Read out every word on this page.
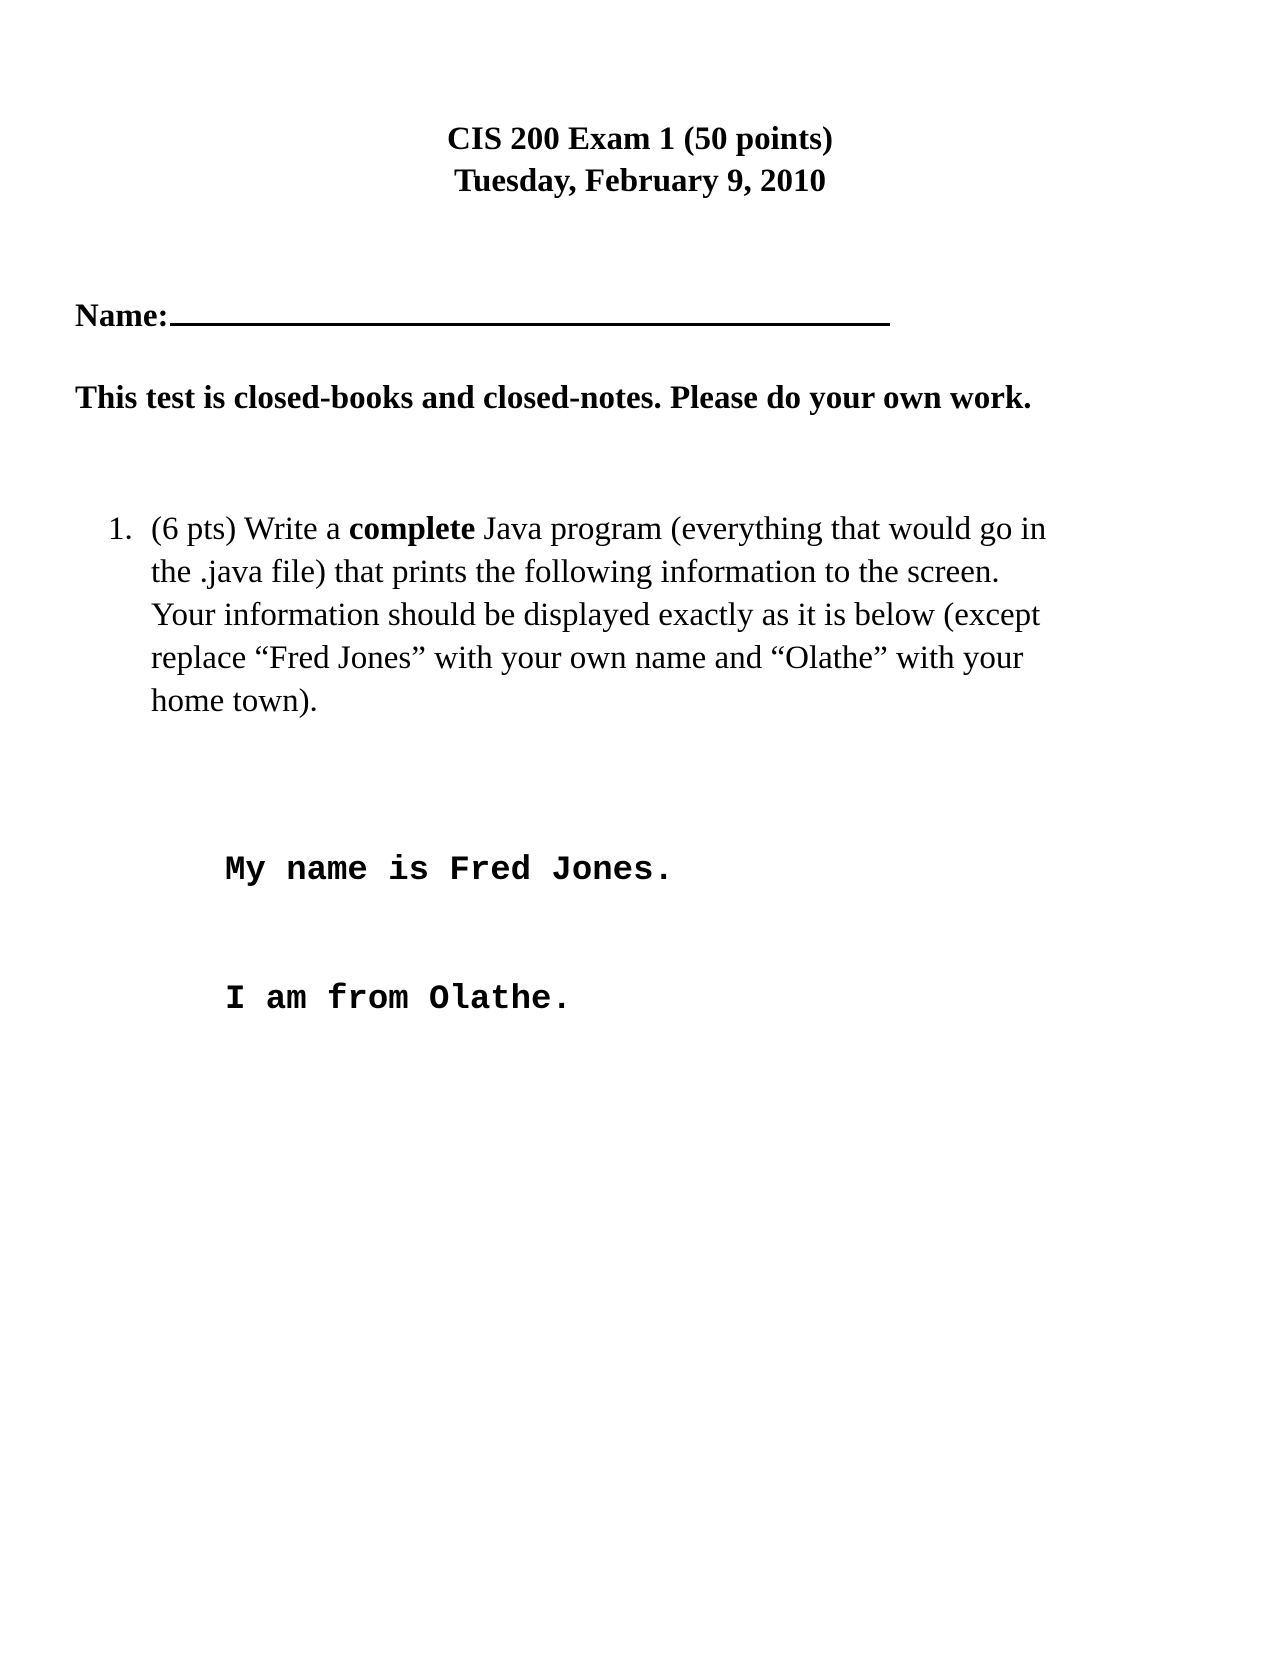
CIS 200 Exam 1 (50 points)
Tuesday, February 9, 2010
Name:
This test is closed-books and closed-notes. Please do your own work.
1. (6 pts) Write a complete Java program (everything that would go in
the .java file) that prints the following information to the screen.
Your information should be displayed exactly as it is below (except
replace “Fred Jones” with your own name and “Olathe” with your
home town).

My name is Fred Jones.

I am from Olathe.
